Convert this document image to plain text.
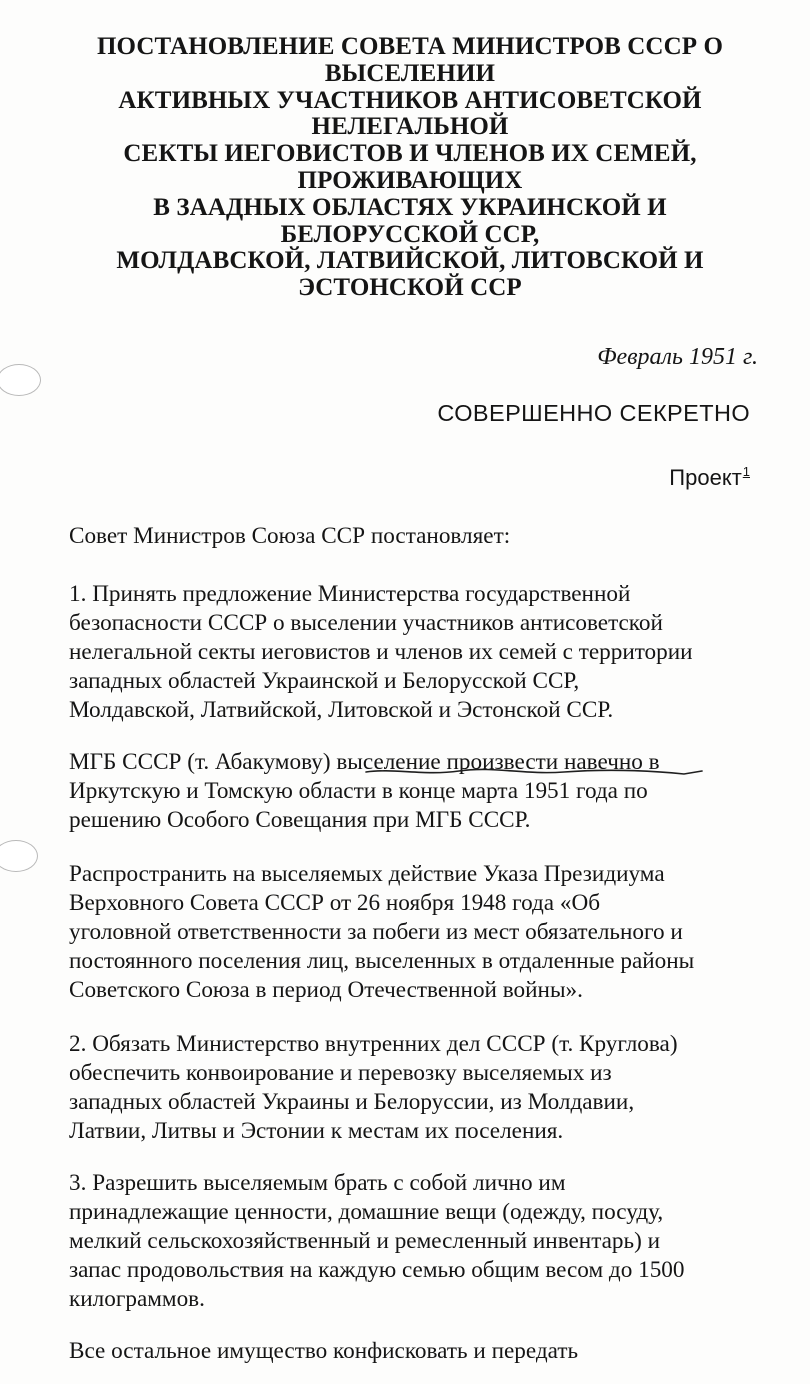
ПОСТАНОВЛЕНИЕ СОВЕТА МИНИСТРОВ СССР О
ВЫСЕЛЕНИИ
АКТИВНЫХ УЧАСТНИКОВ АНТИСОВЕТСКОЙ
НЕЛЕГАЛЬНОЙ
СЕКТЫ ИЕГОВИСТОВ И ЧЛЕНОВ ИХ СЕМЕЙ,
ПРОЖИВАЮЩИХ
В ЗААДНЫХ ОБЛАСТЯХ УКРАИНСКОЙ И
БЕЛОРУССКОЙ ССР,
МОЛДАВСКОЙ, ЛАТВИЙСКОЙ, ЛИТОВСКОЙ И
ЭСТОНСКОЙ ССР
Февраль 1951 г.
СОВЕРШЕННО СЕКРЕТНО
Проект$^1$
Совет Министров Союза ССР постановляет:
1. Принять предложение Министерства государственной
безопасности СССР о выселении участников антисоветской
нелегальной секты иеговистов и членов их семей с территории
западных областей Украинской и Белорусской ССР,
Молдавской, Латвийской, Литовской и Эстонской ССР.
МГБ СССР (т. Абакумову) выселение произвести навечно в
Иркутскую и Томскую области в конце марта 1951 года по
решению Особого Совещания при МГБ СССР.
Распространить на выселяемых действие Указа Президиума
Верховного Совета СССР от 26 ноября 1948 года «Об
уголовной ответственности за побеги из мест обязательного и
постоянного поселения лиц, выселенных в отдаленные районы
Советского Союза в период Отечественной войны».
2. Обязать Министерство внутренних дел СССР (т. Круглова)
обеспечить конвоирование и перевозку выселяемых из
западных областей Украины и Белоруссии, из Молдавии,
Латвии, Литвы и Эстонии к местам их поселения.
3. Разрешить выселяемым брать с собой лично им
принадлежащие ценности, домашние вещи (одежду, посуду,
мелкий сельскохозяйственный и ремесленный инвентарь) и
запас продовольствия на каждую семью общим весом до 1500
килограммов.
Все остальное имущество конфисковать и передать
